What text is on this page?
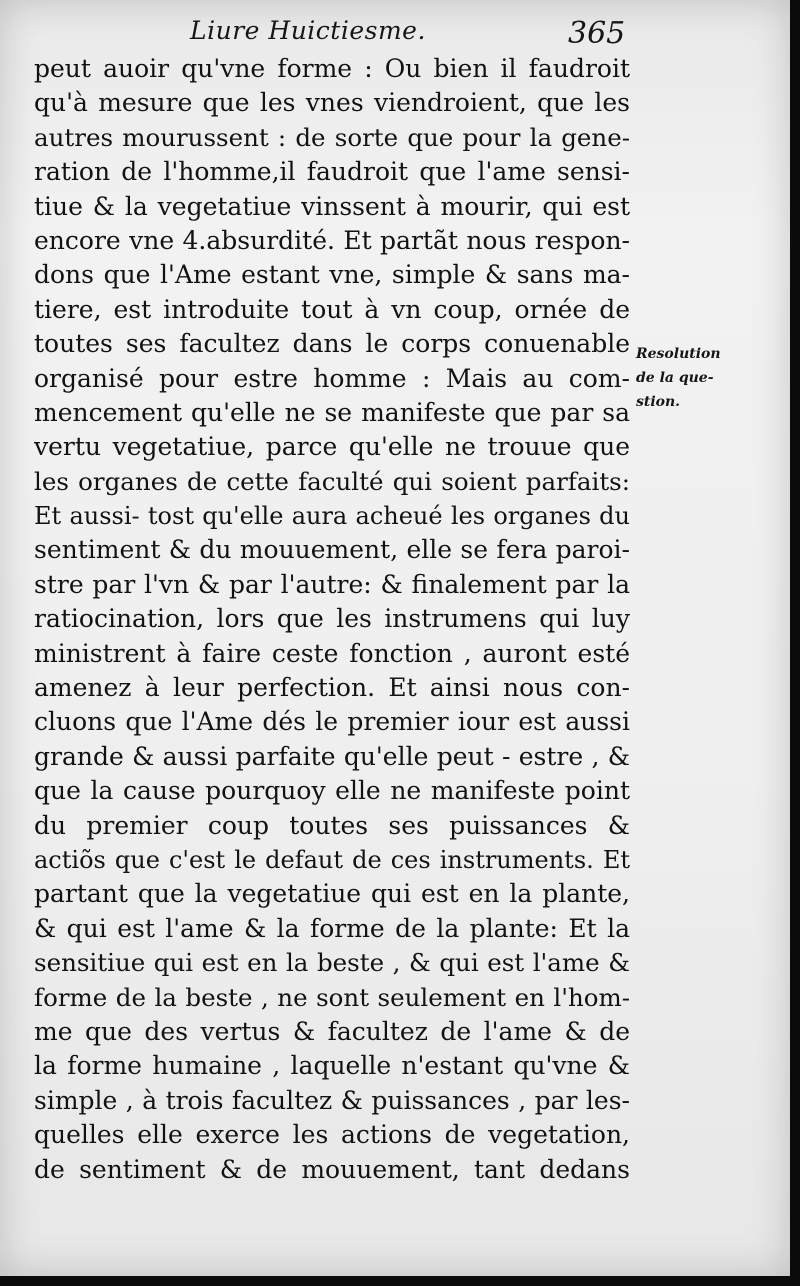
Liure Huictiesme.	365
peut auoir qu'vne forme : Ou bien il faudroit
qu'à mesure que les vnes viendroient, que les
autres mourussent : de sorte que pour la gene-
ration de l'homme,il faudroit que l'ame sensi-
tiue & la vegetatiue vinssent à mourir, qui est
encore vne 4.absurdité. Et partãt nous respon-
dons que l'Ame estant vne, simple & sans ma-
tiere, est introduite tout à vn coup, ornée de
toutes ses facultez dans le corps conuenable
organisé pour estre homme : Mais au com-
mencement qu'elle ne se manifeste que par sa
vertu vegetatiue, parce qu'elle ne trouue que
les organes de cette faculté qui soient parfaits:
Et aussi- tost qu'elle aura acheué les organes du
sentiment & du mouuement, elle se fera paroi-
stre par l'vn & par l'autre: & finalement par la
ratiocination, lors que les instrumens qui luy
ministrent à faire ceste fonction , auront esté
amenez à leur perfection. Et ainsi nous con-
cluons que l'Ame dés le premier iour est aussi
grande & aussi parfaite qu'elle peut - estre , &
que la cause pourquoy elle ne manifeste point
du premier coup toutes ses puissances &
actiõs que c'est le defaut de ces instruments. Et
partant que la vegetatiue qui est en la plante,
& qui est l'ame & la forme de la plante: Et la
sensitiue qui est en la beste , & qui est l'ame &
forme de la beste , ne sont seulement en l'hom-
me que des vertus & facultez de l'ame & de
la forme humaine , laquelle n'estant qu'vne &
simple , à trois facultez & puissances , par les-
quelles elle exerce les actions de vegetation,
de sentiment & de mouuement, tant dedans
Resolution
de la que-
stion.
